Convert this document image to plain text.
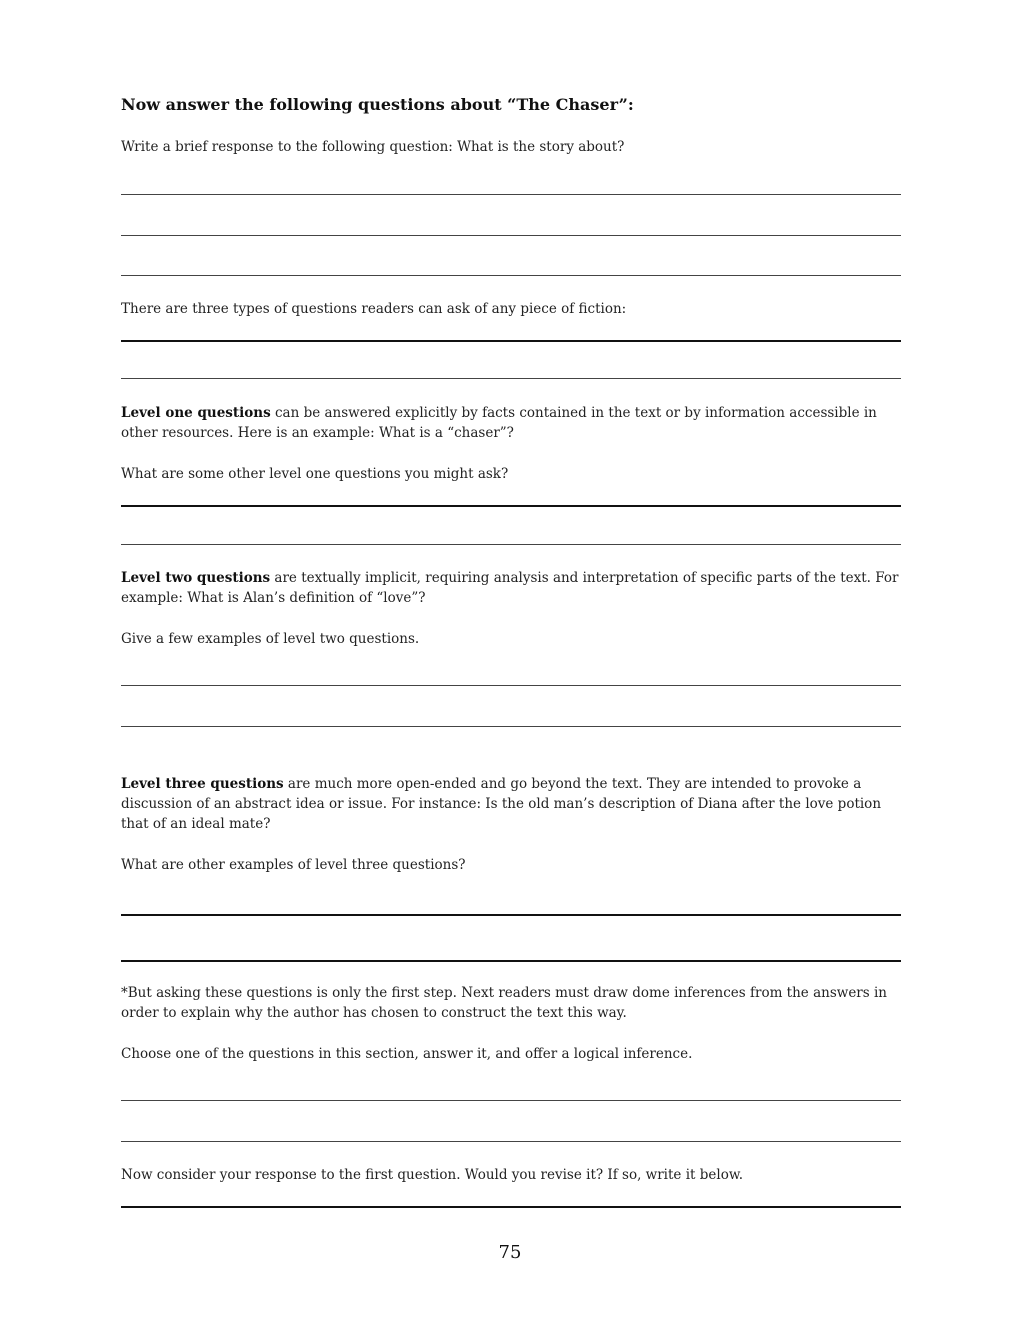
Now answer the following questions about “The Chaser”:
Write a brief response to the following question: What is the story about?
There are three types of questions readers can ask of any piece of fiction:
Level one questions can be answered explicitly by facts contained in the text or by information accessible in other resources. Here is an example: What is a “chaser”?
What are some other level one questions you might ask?
Level two questions are textually implicit, requiring analysis and interpretation of specific parts of the text. For example: What is Alan’s definition of “love”?
Give a few examples of level two questions.
Level three questions are much more open-ended and go beyond the text. They are intended to provoke a discussion of an abstract idea or issue. For instance: Is the old man’s description of Diana after the love potion that of an ideal mate?
What are other examples of level three questions?
*But asking these questions is only the first step. Next readers must draw dome inferences from the answers in order to explain why the author has chosen to construct the text this way.
Choose one of the questions in this section, answer it, and offer a logical inference.
Now consider your response to the first question. Would you revise it? If so, write it below.
75
